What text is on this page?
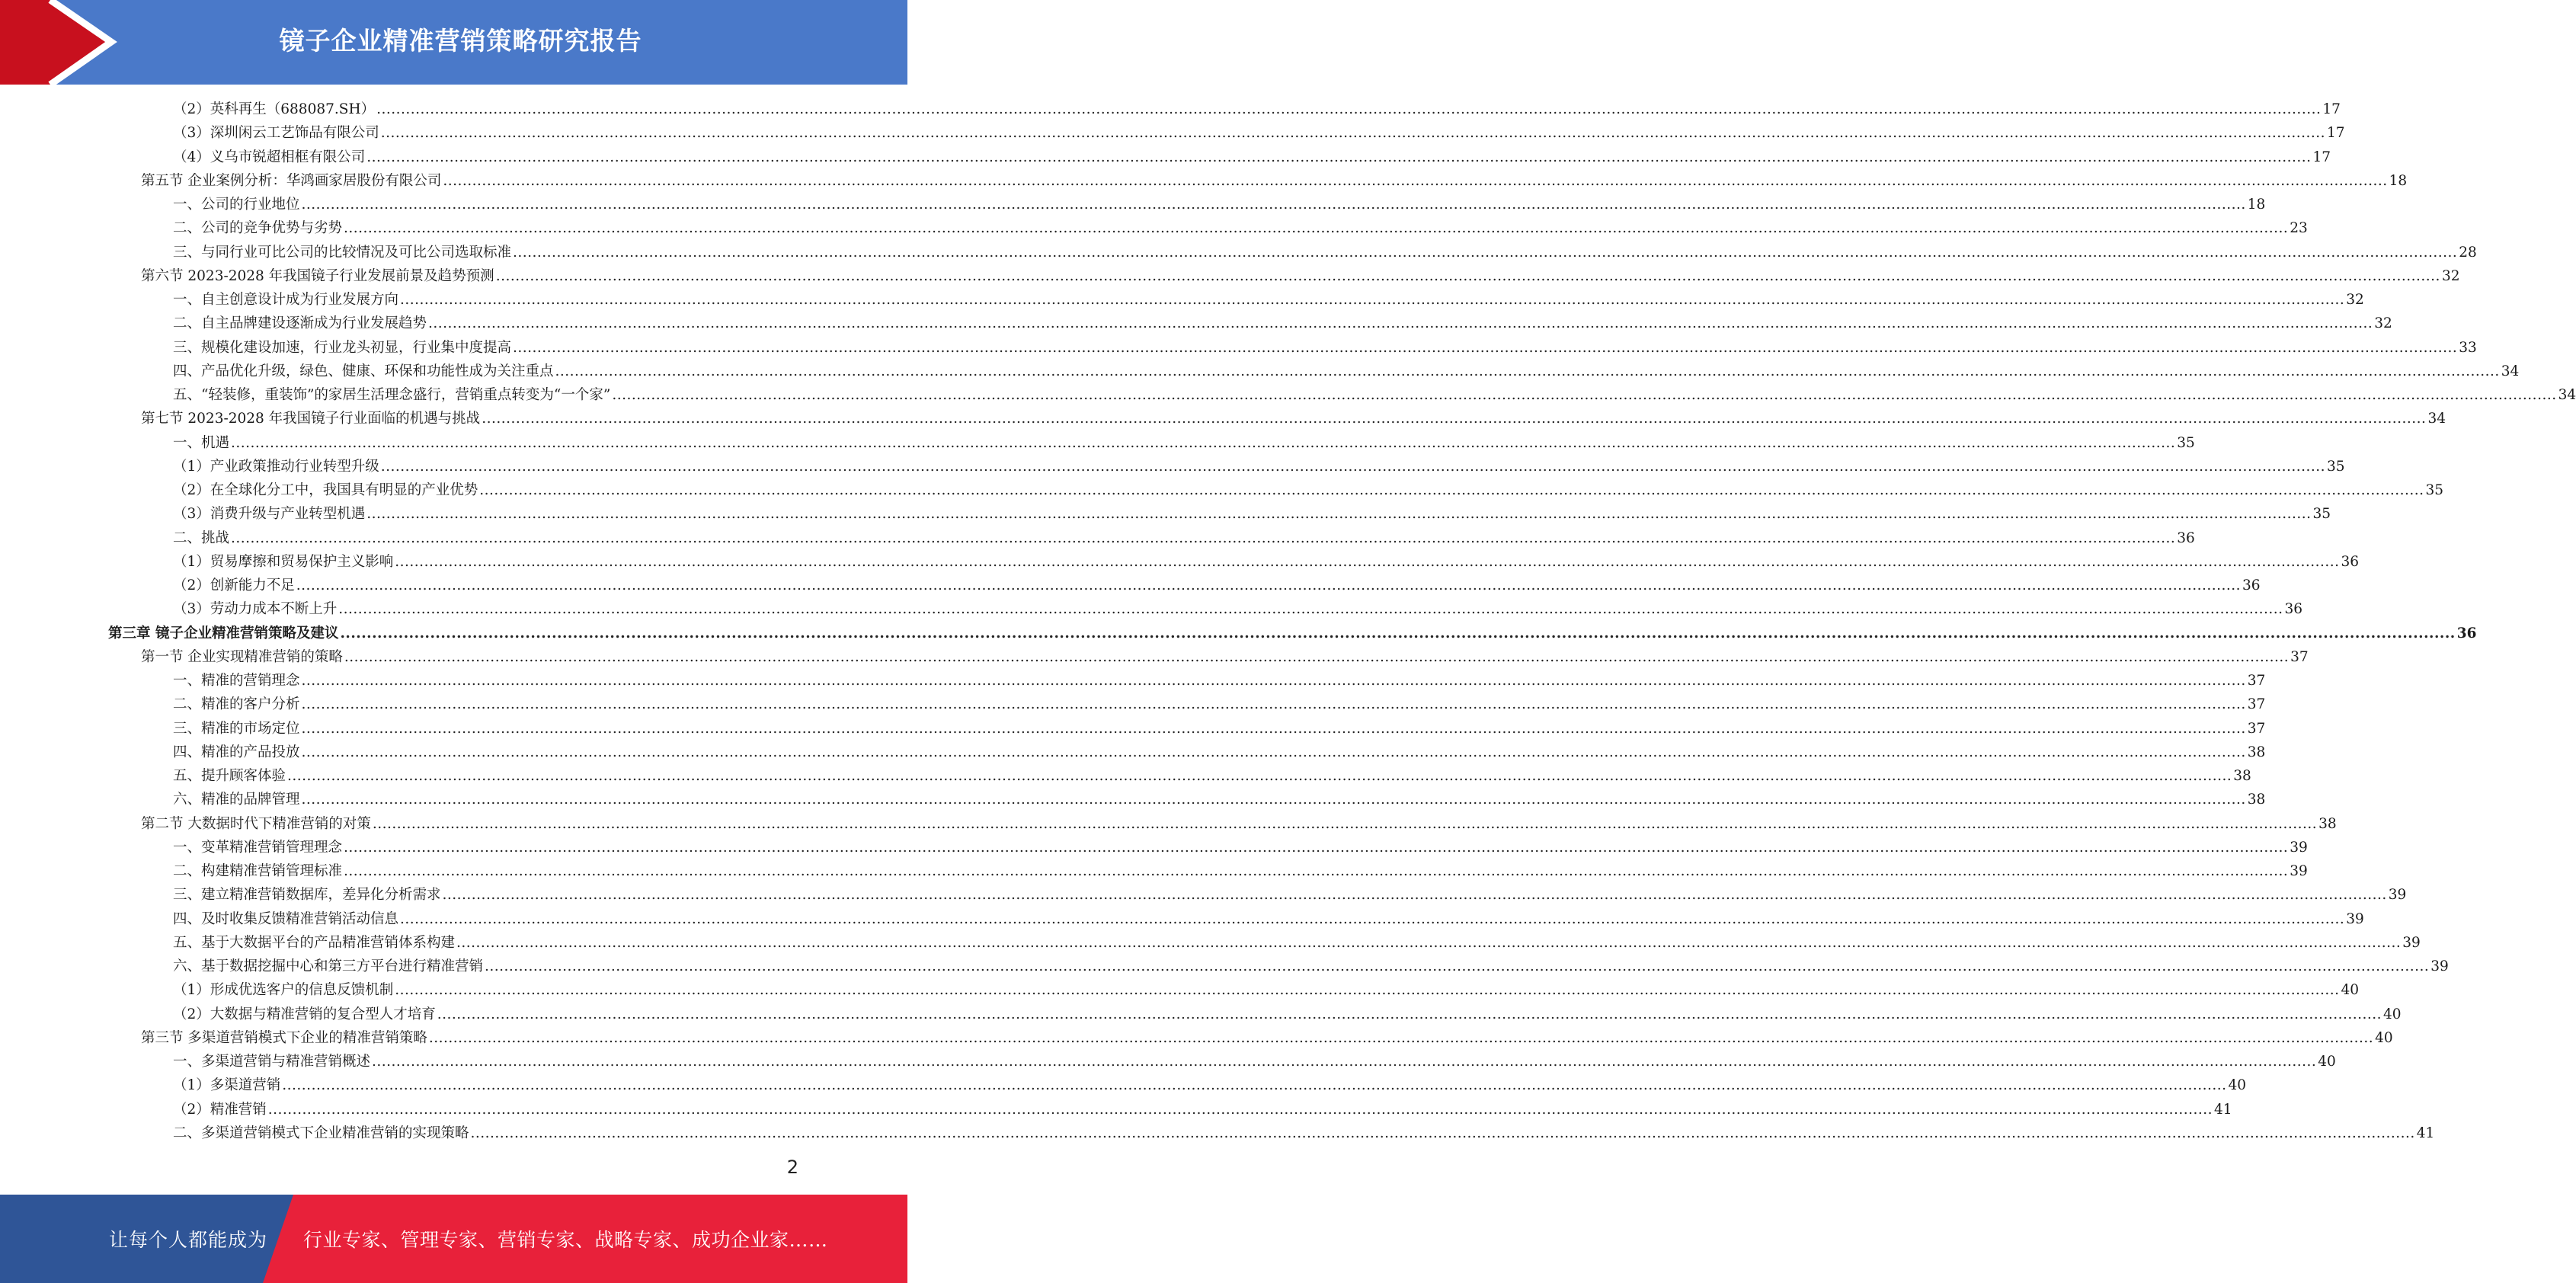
镜子企业精准营销策略研究报告
（2）英科再生（688087.SH） ................................................................................................................................................................................................................................................................................................................................................................................................................ 17
（3）深圳闲云工艺饰品有限公司 ................................................................................................................................................................................................................................................................................................................................................................................................................ 17
（4）义乌市锐超相框有限公司 ................................................................................................................................................................................................................................................................................................................................................................................................................ 17
第五节 企业案例分析：华鸿画家居股份有限公司 ................................................................................................................................................................................................................................................................................................................................................................................................................ 18
一、公司的行业地位 ................................................................................................................................................................................................................................................................................................................................................................................................................ 18
二、公司的竞争优势与劣势 ................................................................................................................................................................................................................................................................................................................................................................................................................ 23
三、与同行业可比公司的比较情况及可比公司选取标准 ................................................................................................................................................................................................................................................................................................................................................................................................................ 28
第六节 2023-2028 年我国镜子行业发展前景及趋势预测 ................................................................................................................................................................................................................................................................................................................................................................................................................ 32
一、自主创意设计成为行业发展方向 ................................................................................................................................................................................................................................................................................................................................................................................................................ 32
二、自主品牌建设逐渐成为行业发展趋势 ................................................................................................................................................................................................................................................................................................................................................................................................................ 32
三、规模化建设加速，行业龙头初显，行业集中度提高 ................................................................................................................................................................................................................................................................................................................................................................................................................ 33
四、产品优化升级，绿色、健康、环保和功能性成为关注重点 ................................................................................................................................................................................................................................................................................................................................................................................................................ 34
五、“轻装修，重装饰”的家居生活理念盛行，营销重点转变为“一个家” ................................................................................................................................................................................................................................................................................................................................................................................................................ 34
第七节 2023-2028 年我国镜子行业面临的机遇与挑战 ................................................................................................................................................................................................................................................................................................................................................................................................................ 34
一、机遇 ................................................................................................................................................................................................................................................................................................................................................................................................................ 35
（1）产业政策推动行业转型升级 ................................................................................................................................................................................................................................................................................................................................................................................................................ 35
（2）在全球化分工中，我国具有明显的产业优势 ................................................................................................................................................................................................................................................................................................................................................................................................................ 35
（3）消费升级与产业转型机遇 ................................................................................................................................................................................................................................................................................................................................................................................................................ 35
二、挑战 ................................................................................................................................................................................................................................................................................................................................................................................................................ 36
（1）贸易摩擦和贸易保护主义影响 ................................................................................................................................................................................................................................................................................................................................................................................................................ 36
（2）创新能力不足 ................................................................................................................................................................................................................................................................................................................................................................................................................ 36
（3）劳动力成本不断上升 ................................................................................................................................................................................................................................................................................................................................................................................................................ 36
第三章 镜子企业精准营销策略及建议 ................................................................................................................................................................................................................................................................................................................................................................................................................ 36
第一节 企业实现精准营销的策略 ................................................................................................................................................................................................................................................................................................................................................................................................................ 37
一、精准的营销理念 ................................................................................................................................................................................................................................................................................................................................................................................................................ 37
二、精准的客户分析 ................................................................................................................................................................................................................................................................................................................................................................................................................ 37
三、精准的市场定位 ................................................................................................................................................................................................................................................................................................................................................................................................................ 37
四、精准的产品投放 ................................................................................................................................................................................................................................................................................................................................................................................................................ 38
五、提升顾客体验 ................................................................................................................................................................................................................................................................................................................................................................................................................ 38
六、精准的品牌管理 ................................................................................................................................................................................................................................................................................................................................................................................................................ 38
第二节 大数据时代下精准营销的对策 ................................................................................................................................................................................................................................................................................................................................................................................................................ 38
一、变革精准营销管理理念 ................................................................................................................................................................................................................................................................................................................................................................................................................ 39
二、构建精准营销管理标准 ................................................................................................................................................................................................................................................................................................................................................................................................................ 39
三、建立精准营销数据库，差异化分析需求 ................................................................................................................................................................................................................................................................................................................................................................................................................ 39
四、及时收集反馈精准营销活动信息 ................................................................................................................................................................................................................................................................................................................................................................................................................ 39
五、基于大数据平台的产品精准营销体系构建 ................................................................................................................................................................................................................................................................................................................................................................................................................ 39
六、基于数据挖掘中心和第三方平台进行精准营销 ................................................................................................................................................................................................................................................................................................................................................................................................................ 39
（1）形成优选客户的信息反馈机制 ................................................................................................................................................................................................................................................................................................................................................................................................................ 40
（2）大数据与精准营销的复合型人才培育 ................................................................................................................................................................................................................................................................................................................................................................................................................ 40
第三节 多渠道营销模式下企业的精准营销策略 ................................................................................................................................................................................................................................................................................................................................................................................................................ 40
一、多渠道营销与精准营销概述 ................................................................................................................................................................................................................................................................................................................................................................................................................ 40
（1）多渠道营销 ................................................................................................................................................................................................................................................................................................................................................................................................................ 40
（2）精准营销 ................................................................................................................................................................................................................................................................................................................................................................................................................ 41
二、多渠道营销模式下企业精准营销的实现策略 ................................................................................................................................................................................................................................................................................................................................................................................................................ 41
2
让每个人都能成为 行业专家、管理专家、营销专家、战略专家、成功企业家……
